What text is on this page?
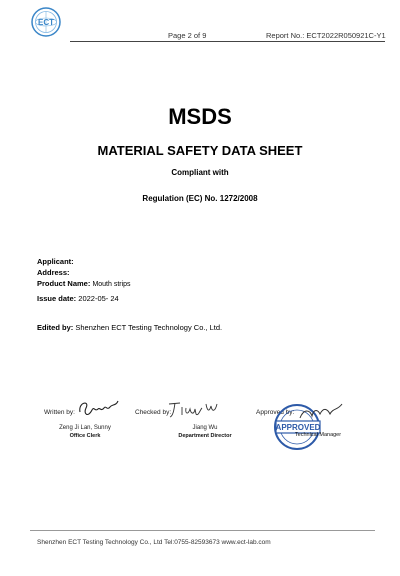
ECT
Page 2 of 9	Report No.: ECT2022R050921C-Y1
MSDS
MATERIAL SAFETY DATA SHEET
Compliant with
Regulation (EC) No. 1272/2008
Applicant:
Address:
Product Name: Mouth strips
Issue date: 2022-05- 24
Edited by: Shenzhen ECT Testing Technology Co., Ltd.
Written by:
Zeng Ji Lan, Sunny
Office Clerk
Checked by:
Jiang Wu
Department Director
Approved by:
APPROVED
Technical Manager
Shenzhen ECT Testing Technology Co., Ltd Tel:0755-82593673 www.ect-lab.com
